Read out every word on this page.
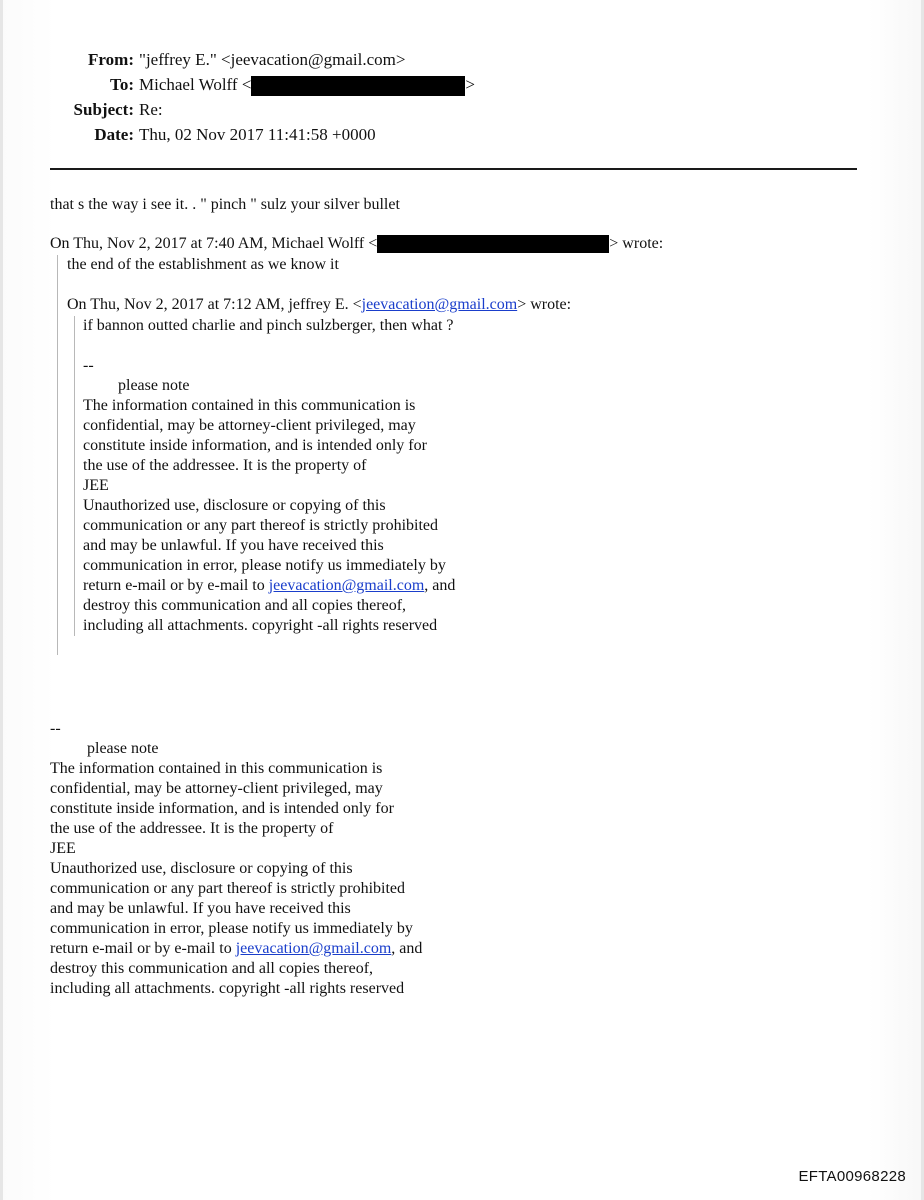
From: "jeffrey E." <jeevacation@gmail.com>
To: Michael Wolff <	>
Subject: Re:
Date: Thu, 02 Nov 2017 11:41:58 +0000
that s the way i see it. . " pinch " sulz your silver bullet
On Thu, Nov 2, 2017 at 7:40 AM, Michael Wolff <	> wrote:
the end of the establishment as we know it
On Thu, Nov 2, 2017 at 7:12 AM, jeffrey E. <jeevacation@gmail.com> wrote:
if bannon outted charlie and pinch sulzberger, then what ?
--
please note
The information contained in this communication is
confidential, may be attorney-client privileged, may
constitute inside information, and is intended only for
the use of the addressee. It is the property of
JEE
Unauthorized use, disclosure or copying of this
communication or any part thereof is strictly prohibited
and may be unlawful. If you have received this
communication in error, please notify us immediately by
return e-mail or by e-mail to jeevacation@gmail.com, and
destroy this communication and all copies thereof,
including all attachments. copyright -all rights reserved
--
please note
The information contained in this communication is
confidential, may be attorney-client privileged, may
constitute inside information, and is intended only for
the use of the addressee. It is the property of
JEE
Unauthorized use, disclosure or copying of this
communication or any part thereof is strictly prohibited
and may be unlawful. If you have received this
communication in error, please notify us immediately by
return e-mail or by e-mail to jeevacation@gmail.com, and
destroy this communication and all copies thereof,
including all attachments. copyright -all rights reserved
EFTA00968228
